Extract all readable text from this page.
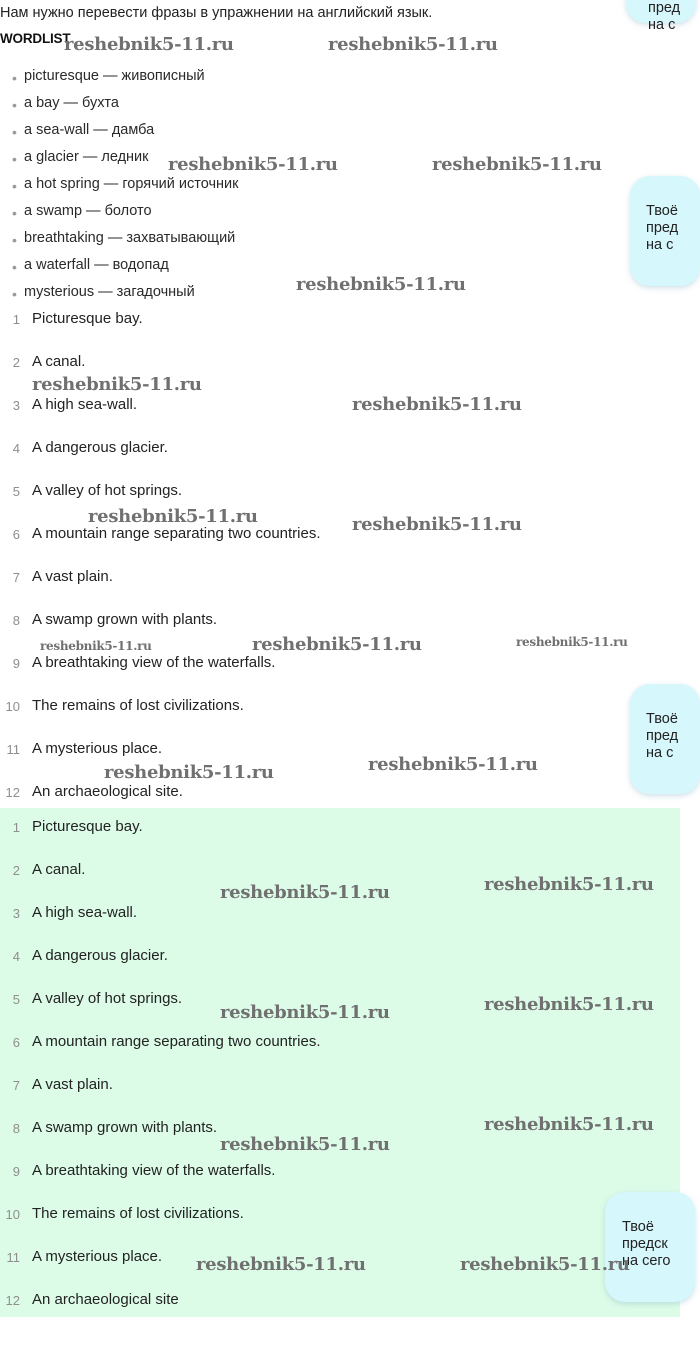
Нам нужно перевести фразы в упражнении на английский язык.
WORDLIST
• picturesque — живописный
• a bay — бухта
• a sea-wall — дамба
• a glacier — ледник
• a hot spring — горячий источник
• a swamp — болото
• breathtaking — захватывающий
• a waterfall — водопад
• mysterious — загадочный
1 Picturesque bay.
2 A canal.
3 A high sea-wall.
4 A dangerous glacier.
5 A valley of hot springs.
6 A mountain range separating two countries.
7 A vast plain.
8 A swamp grown with plants.
9 A breathtaking view of the waterfalls.
10 The remains of lost civilizations.
11 A mysterious place.
12 An archaeological site.
1 Picturesque bay.
2 A canal.
3 A high sea-wall.
4 A dangerous glacier.
5 A valley of hot springs.
6 A mountain range separating two countries.
7 A vast plain.
8 A swamp grown with plants.
9 A breathtaking view of the waterfalls.
10 The remains of lost civilizations.
11 A mysterious place.
12 An archaeological site
пред
на с
Твоё
пред
на с
Твоё
пред
на с
Твоё
предск
на сего
reshebnik5-11.ru	reshebnik5-11.ru
reshebnik5-11.ru	reshebnik5-11.ru
reshebnik5-11.ru
reshebnik5-11.ru
reshebnik5-11.ru
reshebnik5-11.ru	reshebnik5-11.ru
reshebnik5-11.ru	reshebnik5-11.ru	reshebnik5-11.ru
reshebnik5-11.ru	reshebnik5-11.ru
reshebnik5-11.ru	reshebnik5-11.ru
reshebnik5-11.ru	reshebnik5-11.ru
reshebnik5-11.ru
reshebnik5-11.ru
reshebnik5-11.ru	reshebnik5-11.ru
